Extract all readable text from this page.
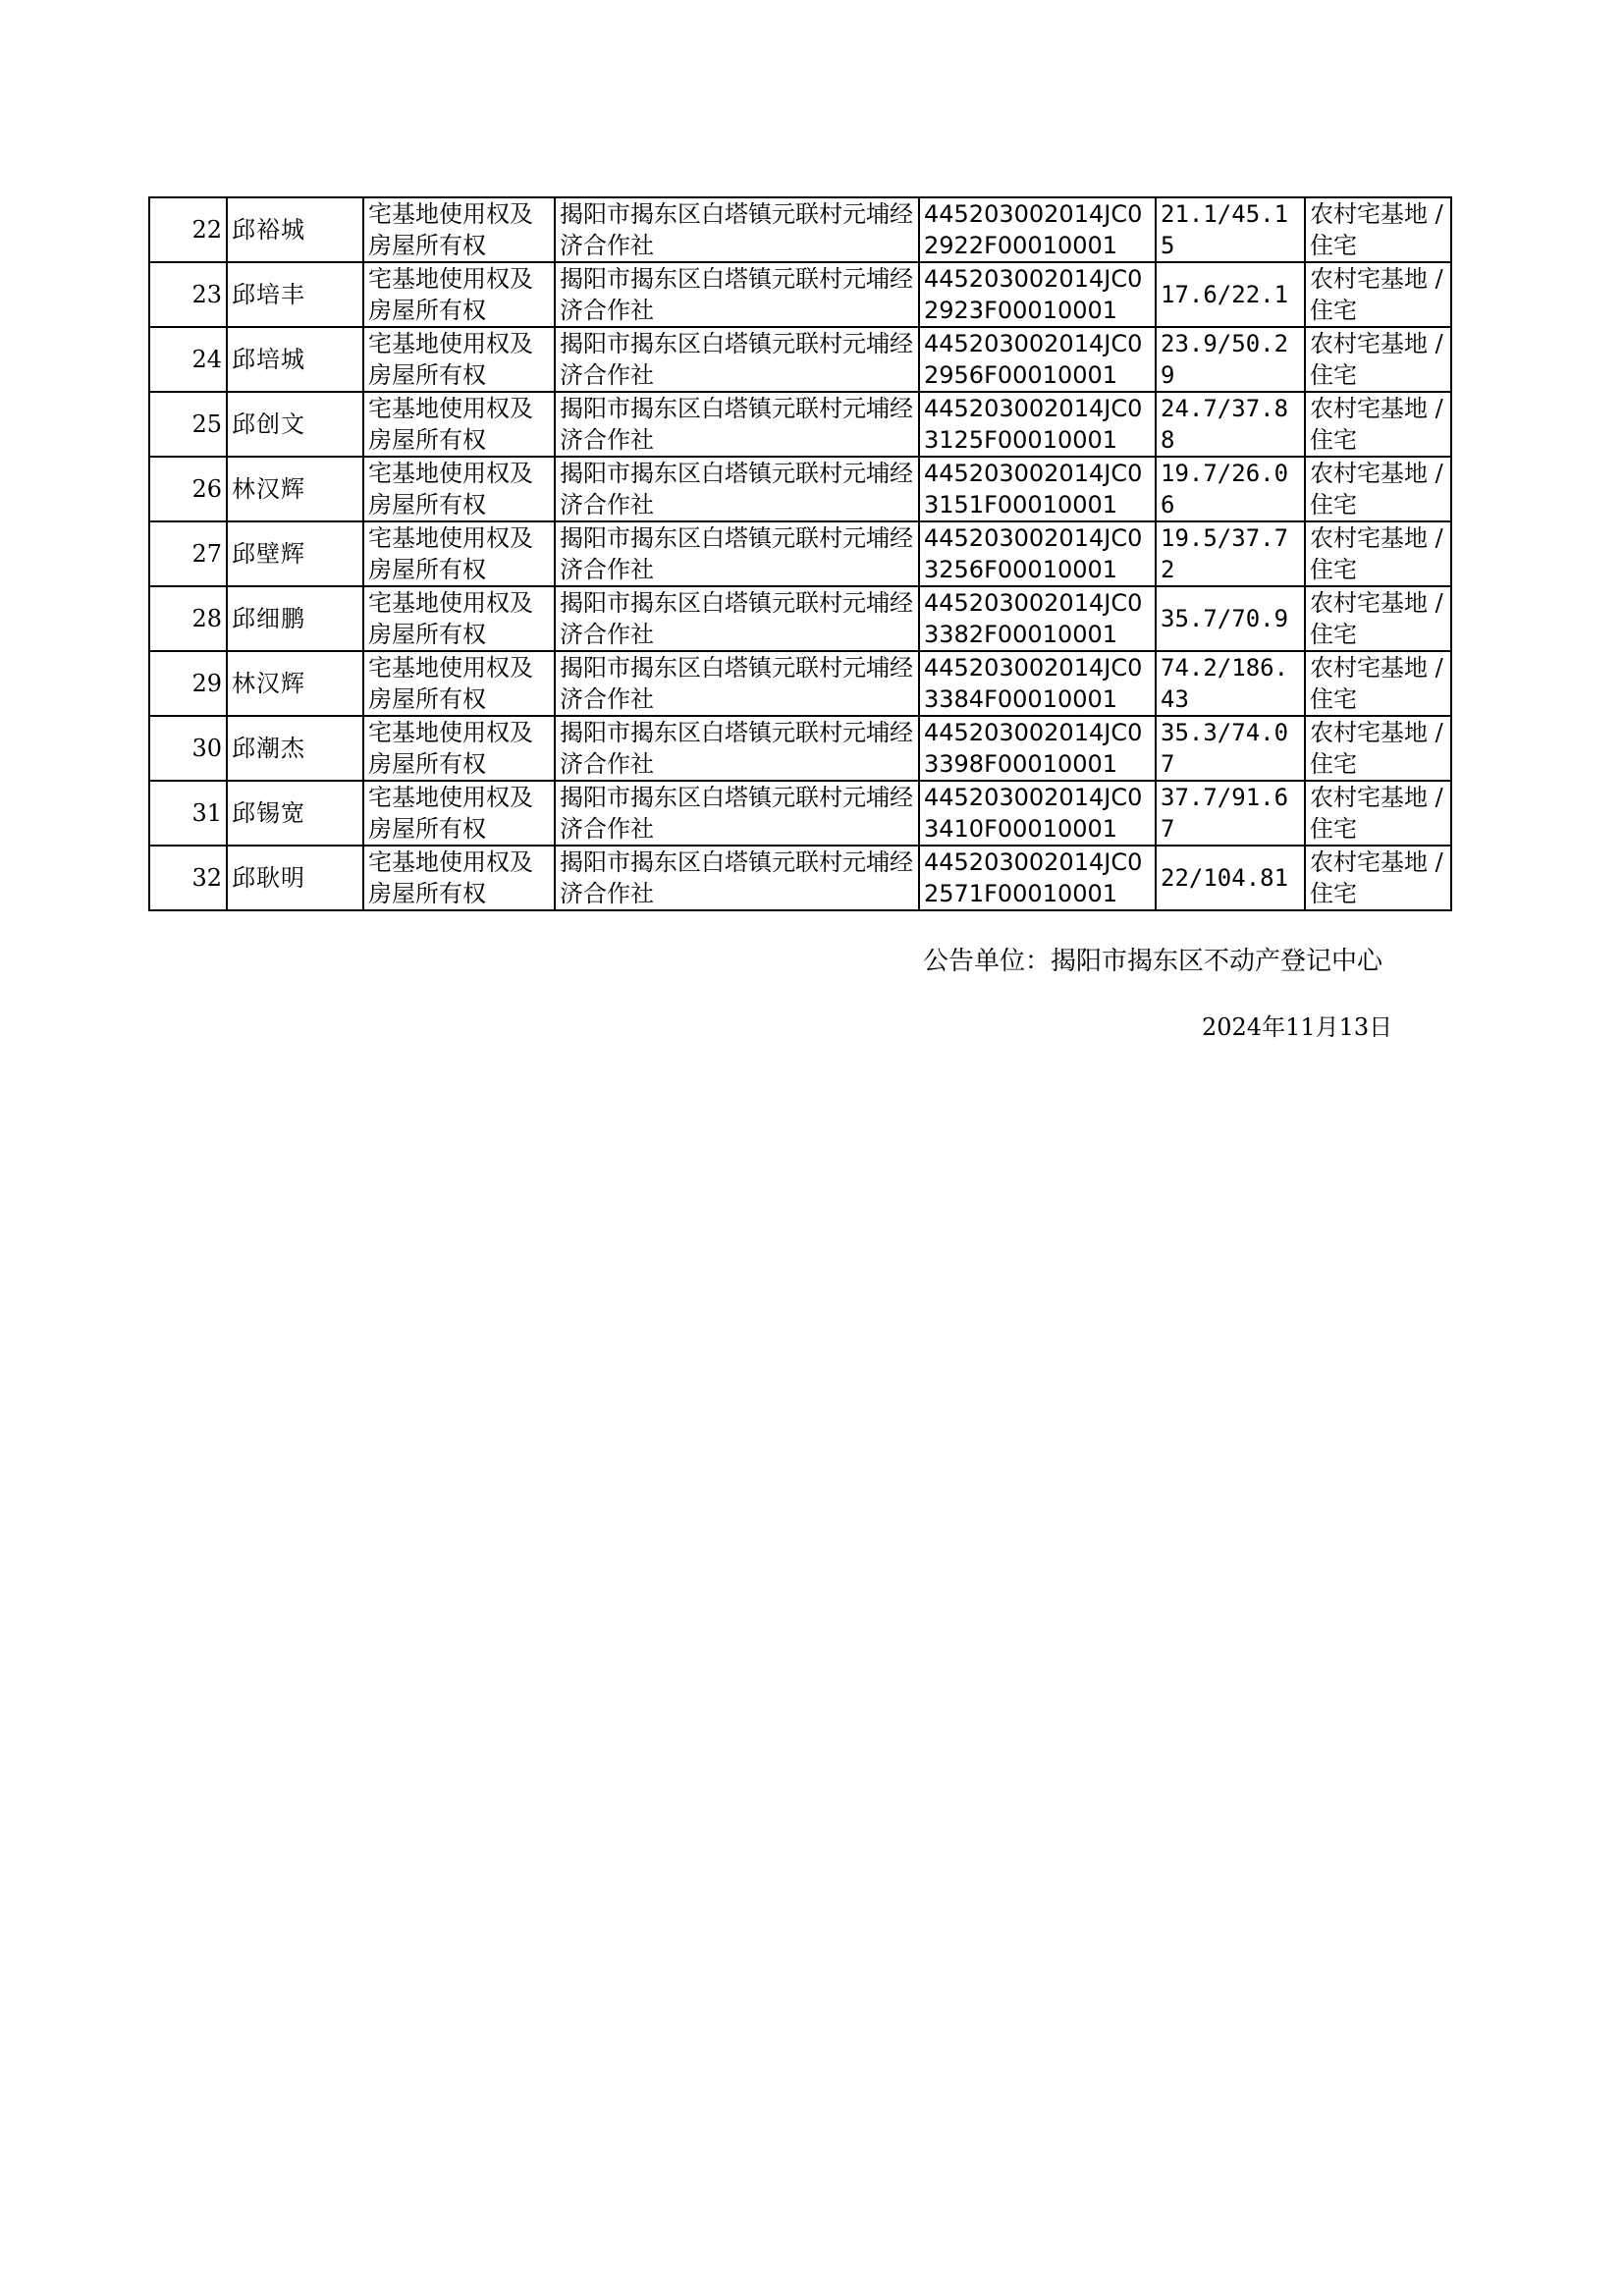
22	邱裕城	宅基地使用权及房屋所有权	揭阳市揭东区白塔镇元联村元埔经济合作社	445203002014JC02922F00010001	21.1/45.15	农村宅基地 / 住宅
23	邱培丰	宅基地使用权及房屋所有权	揭阳市揭东区白塔镇元联村元埔经济合作社	445203002014JC02923F00010001	17.6/22.1	农村宅基地 / 住宅
24	邱培城	宅基地使用权及房屋所有权	揭阳市揭东区白塔镇元联村元埔经济合作社	445203002014JC02956F00010001	23.9/50.29	农村宅基地 / 住宅
25	邱创文	宅基地使用权及房屋所有权	揭阳市揭东区白塔镇元联村元埔经济合作社	445203002014JC03125F00010001	24.7/37.88	农村宅基地 / 住宅
26	林汉辉	宅基地使用权及房屋所有权	揭阳市揭东区白塔镇元联村元埔经济合作社	445203002014JC03151F00010001	19.7/26.06	农村宅基地 / 住宅
27	邱壁辉	宅基地使用权及房屋所有权	揭阳市揭东区白塔镇元联村元埔经济合作社	445203002014JC03256F00010001	19.5/37.72	农村宅基地 / 住宅
28	邱细鹏	宅基地使用权及房屋所有权	揭阳市揭东区白塔镇元联村元埔经济合作社	445203002014JC03382F00010001	35.7/70.9	农村宅基地 / 住宅
29	林汉辉	宅基地使用权及房屋所有权	揭阳市揭东区白塔镇元联村元埔经济合作社	445203002014JC03384F00010001	74.2/186.43	农村宅基地 / 住宅
30	邱潮杰	宅基地使用权及房屋所有权	揭阳市揭东区白塔镇元联村元埔经济合作社	445203002014JC03398F00010001	35.3/74.07	农村宅基地 / 住宅
31	邱锡宽	宅基地使用权及房屋所有权	揭阳市揭东区白塔镇元联村元埔经济合作社	445203002014JC03410F00010001	37.7/91.67	农村宅基地 / 住宅
32	邱耿明	宅基地使用权及房屋所有权	揭阳市揭东区白塔镇元联村元埔经济合作社	445203002014JC02571F00010001	22/104.81	农村宅基地 / 住宅
公告单位：揭阳市揭东区不动产登记中心
2024年11月13日
